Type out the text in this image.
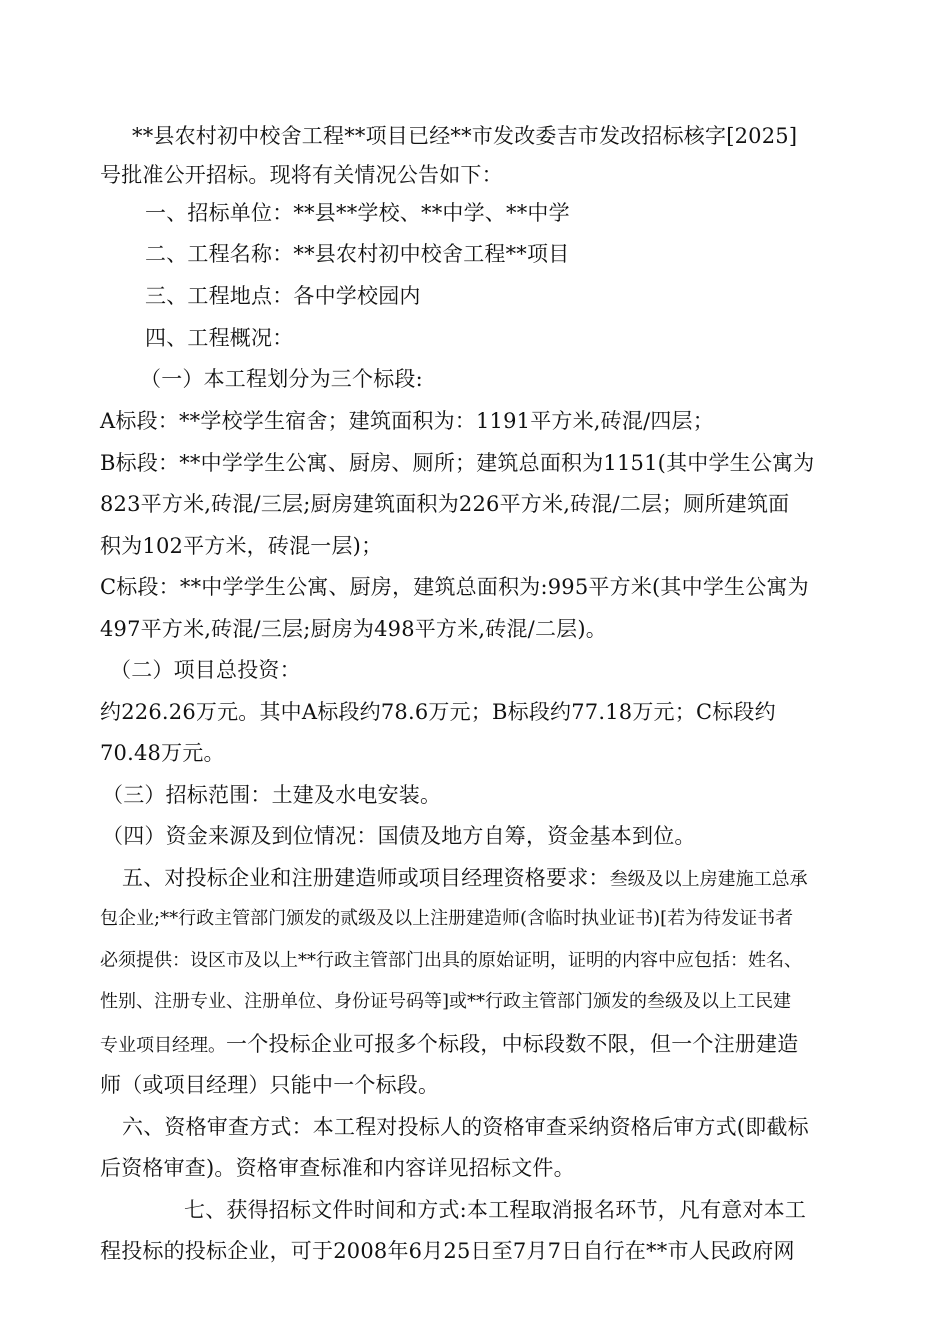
**县农村初中校舍工程**项目已经**市发改委吉市发改招标核字[2025]
号批准公开招标。现将有关情况公告如下：
一、招标单位：**县**学校、**中学、**中学
二、工程名称：**县农村初中校舍工程**项目
三、工程地点：各中学校园内
四、工程概况：
（一）本工程划分为三个标段:
A标段：**学校学生宿舍；建筑面积为：1191平方米,砖混/四层；
B标段：**中学学生公寓、厨房、厕所；建筑总面积为1151(其中学生公寓为
823平方米,砖混/三层;厨房建筑面积为226平方米,砖混/二层；厕所建筑面
积为102平方米，砖混一层)；
C标段：**中学学生公寓、厨房，建筑总面积为:995平方米(其中学生公寓为
497平方米,砖混/三层;厨房为498平方米,砖混/二层)。
（二）项目总投资：
约226.26万元。其中A标段约78.6万元；B标段约77.18万元；C标段约
70.48万元。
（三）招标范围：土建及水电安装。
（四）资金来源及到位情况：国债及地方自筹，资金基本到位。
五、对投标企业和注册建造师或项目经理资格要求：叁级及以上房建施工总承
包企业;**行政主管部门颁发的贰级及以上注册建造师(含临时执业证书)[若为待发证书者
必须提供：设区市及以上**行政主管部门出具的原始证明，证明的内容中应包括：姓名、
性别、注册专业、注册单位、身份证号码等]或**行政主管部门颁发的叁级及以上工民建
专业项目经理。一个投标企业可报多个标段，中标段数不限，但一个注册建造
师（或项目经理）只能中一个标段。
六、资格审查方式：本工程对投标人的资格审查采纳资格后审方式(即截标
后资格审查)。资格审查标准和内容详见招标文件。
七、获得招标文件时间和方式:本工程取消报名环节，凡有意对本工
程投标的投标企业，可于2008年6月25日至7月7日自行在**市人民政府网
